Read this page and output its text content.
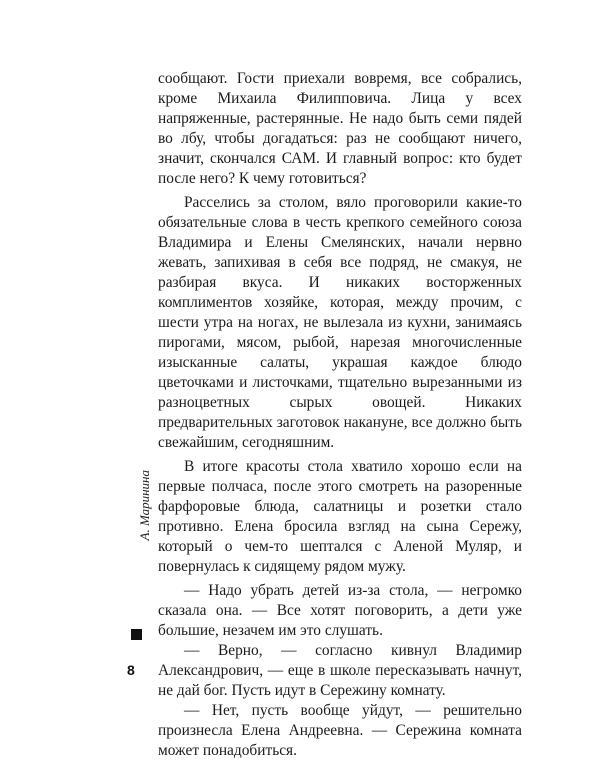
сообщают. Гости приехали вовремя, все собрались, кроме Михаила Филипповича. Лица у всех напряженные, растерянные. Не надо быть семи пядей во лбу, чтобы догадаться: раз не сообщают ничего, значит, скончался САМ. И главный вопрос: кто будет после него? К чему готовиться?

Расселись за столом, вяло проговорили какие-то обязательные слова в честь крепкого семейного союза Владимира и Елены Смелянских, начали нервно жевать, запихивая в себя все подряд, не смакуя, не разбирая вкуса. И никаких восторженных комплиментов хозяйке, которая, между прочим, с шести утра на ногах, не вылезала из кухни, занимаясь пирогами, мясом, рыбой, нарезая многочисленные изысканные салаты, украшая каждое блюдо цветочками и листочками, тщательно вырезанными из разноцветных сырых овощей. Никаких предварительных заготовок накануне, все должно быть свежайшим, сегодняшним.

В итоге красоты стола хватило хорошо если на первые полчаса, после этого смотреть на разоренные фарфоровые блюда, салатницы и розетки стало противно. Елена бросила взгляд на сына Сережу, который о чем-то шептался с Аленой Муляр, и повернулась к сидящему рядом мужу.

— Надо убрать детей из-за стола, — негромко сказала она. — Все хотят поговорить, а дети уже большие, незачем им это слушать.

— Верно, — согласно кивнул Владимир Александрович, — еще в школе пересказывать начнут, не дай бог. Пусть идут в Сережину комнату.

— Нет, пусть вообще уйдут, — решительно произнесла Елена Андреевна. — Сережина комната может понадобиться.

А. Маринина
8
